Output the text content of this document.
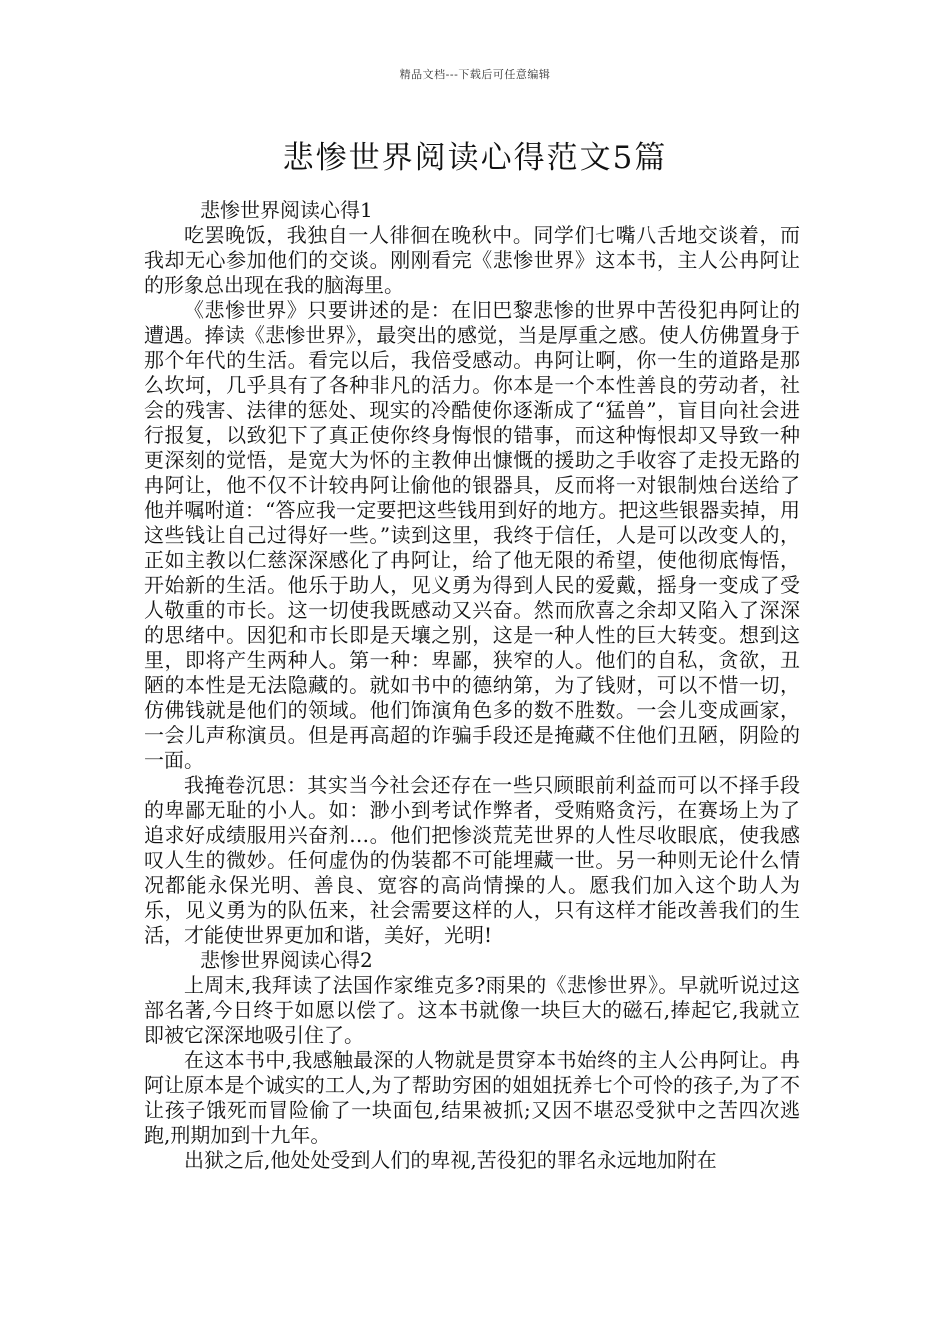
精品文档---下载后可任意编辑
悲惨世界阅读心得范文5篇

悲惨世界阅读心得1

吃罢晚饭，我独自一人徘徊在晚秋中。同学们七嘴八舌地交谈着，而我却无心参加他们的交谈。刚刚看完《悲惨世界》这本书，主人公冉阿让的形象总出现在我的脑海里。

《悲惨世界》只要讲述的是：在旧巴黎悲惨的世界中苦役犯冉阿让的遭遇。捧读《悲惨世界》，最突出的感觉，当是厚重之感。使人仿佛置身于那个年代的生活。看完以后，我倍受感动。冉阿让啊，你一生的道路是那么坎坷，几乎具有了各种非凡的活力。你本是一个本性善良的劳动者，社会的残害、法律的惩处、现实的冷酷使你逐渐成了“猛兽”，盲目向社会进行报复，以致犯下了真正使你终身悔恨的错事，而这种悔恨却又导致一种更深刻的觉悟，是宽大为怀的主教伸出慷慨的援助之手收容了走投无路的冉阿让，他不仅不计较冉阿让偷他的银器具，反而将一对银制烛台送给了他并嘱咐道：“答应我一定要把这些钱用到好的地方。把这些银器卖掉，用这些钱让自己过得好一些。”读到这里，我终于信任，人是可以改变人的，正如主教以仁慈深深感化了冉阿让，给了他无限的希望，使他彻底悔悟，开始新的生活。他乐于助人，见义勇为得到人民的爱戴，摇身一变成了受人敬重的市长。这一切使我既感动又兴奋。然而欣喜之余却又陷入了深深的思绪中。因犯和市长即是天壤之别，这是一种人性的巨大转变。想到这里，即将产生两种人。第一种：卑鄙，狭窄的人。他们的自私，贪欲，丑陋的本性是无法隐藏的。就如书中的德纳第，为了钱财，可以不惜一切，仿佛钱就是他们的领域。他们饰演角色多的数不胜数。一会儿变成画家，一会儿声称演员。但是再高超的诈骗手段还是掩藏不住他们丑陋，阴险的一面。

我掩卷沉思：其实当今社会还存在一些只顾眼前利益而可以不择手段的卑鄙无耻的小人。如：渺小到考试作弊者，受贿赂贪污，在赛场上为了追求好成绩服用兴奋剂…。他们把惨淡荒芜世界的人性尽收眼底，使我感叹人生的微妙。任何虚伪的伪装都不可能埋藏一世。另一种则无论什么情况都能永保光明、善良、宽容的高尚情操的人。愿我们加入这个助人为乐，见义勇为的队伍来，社会需要这样的人，只有这样才能改善我们的生活，才能使世界更加和谐，美好，光明!

悲惨世界阅读心得2

上周末,我拜读了法国作家维克多?雨果的《悲惨世界》。早就听说过这部名著,今日终于如愿以偿了。这本书就像一块巨大的磁石,捧起它,我就立即被它深深地吸引住了。

在这本书中,我感触最深的人物就是贯穿本书始终的主人公冉阿让。冉阿让原本是个诚实的工人,为了帮助穷困的姐姐抚养七个可怜的孩子,为了不让孩子饿死而冒险偷了一块面包,结果被抓;又因不堪忍受狱中之苦四次逃跑,刑期加到十九年。

出狱之后,他处处受到人们的卑视,苦役犯的罪名永远地加附在
